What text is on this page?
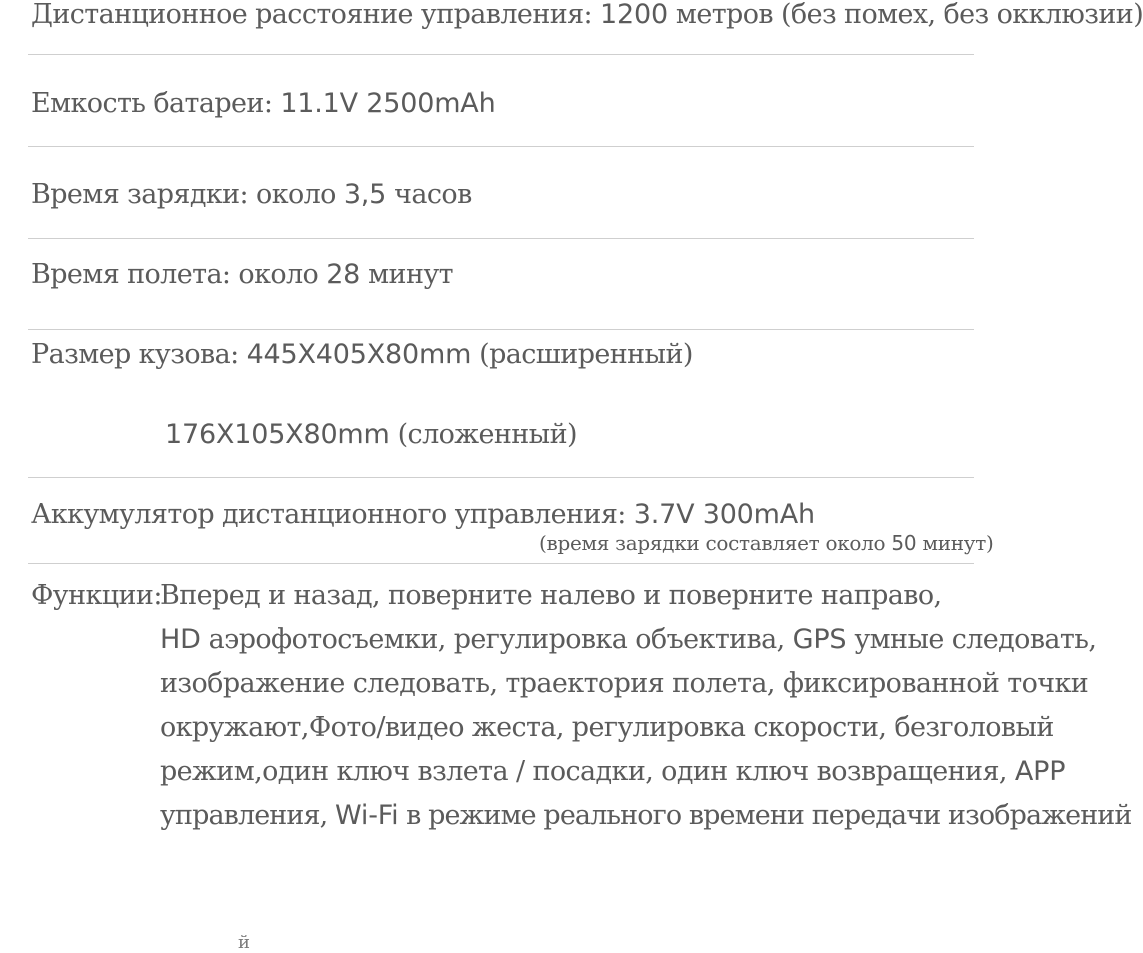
Дистанционное расстояние управления: 1200 метров (без помех, без окклюзии)
Емкость батареи: 11.1V 2500mAh
Время зарядки: около 3,5 часов
Время полета: около 28 минут
Размер кузова: 445X405X80mm (расширенный)
176X105X80mm (сложенный)
Аккумулятор дистанционного управления: 3.7V 300mAh
(время зарядки составляет около 50 минут)
Функции:
Вперед и назад, поверните налево и поверните направо,
HD аэрофотосъемки, регулировка объектива, GPS умные следовать,
изображение следовать, траектория полета, фиксированной точки
окружают,Фото/видео жеста, регулировка скорости, безголовый
режим,один ключ взлета / посадки, один ключ возвращения, APP
управления, Wi-Fi в режиме реального времени передачи изображений
й
